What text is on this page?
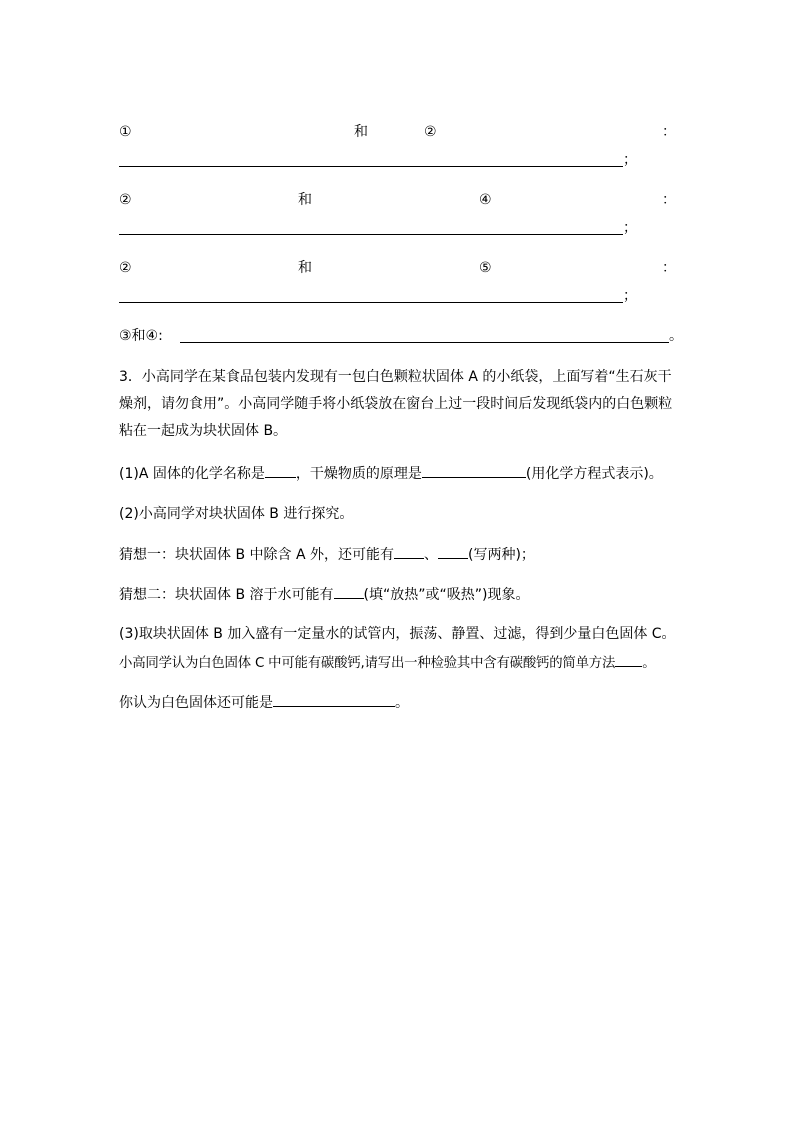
①	和	②	：
；
②	和	④	：
；
②	和	⑤	：
；
③和④:	。
3．小高同学在某食品包装内发现有一包白色颗粒状固体 A 的小纸袋，上面写着“生石灰干
燥剂，请勿食用”。小高同学随手将小纸袋放在窗台上过一段时间后发现纸袋内的白色颗粒
粘在一起成为块状固体 B。
(1)A 固体的化学名称是 ，干燥物质的原理是	(用化学方程式表示)。
(2)小高同学对块状固体 B 进行探究。
猜想一：块状固体 B 中除含 A 外，还可能有 、 (写两种)；
猜想二：块状固体 B 溶于水可能有 (填“放热”或“吸热”)现象。
(3)取块状固体 B 加入盛有一定量水的试管内，振荡、静置、过滤，得到少量白色固体 C。
小高同学认为白色固体 C 中可能有碳酸钙,请写出一种检验其中含有碳酸钙的简单方法 。
你认为白色固体还可能是	。
